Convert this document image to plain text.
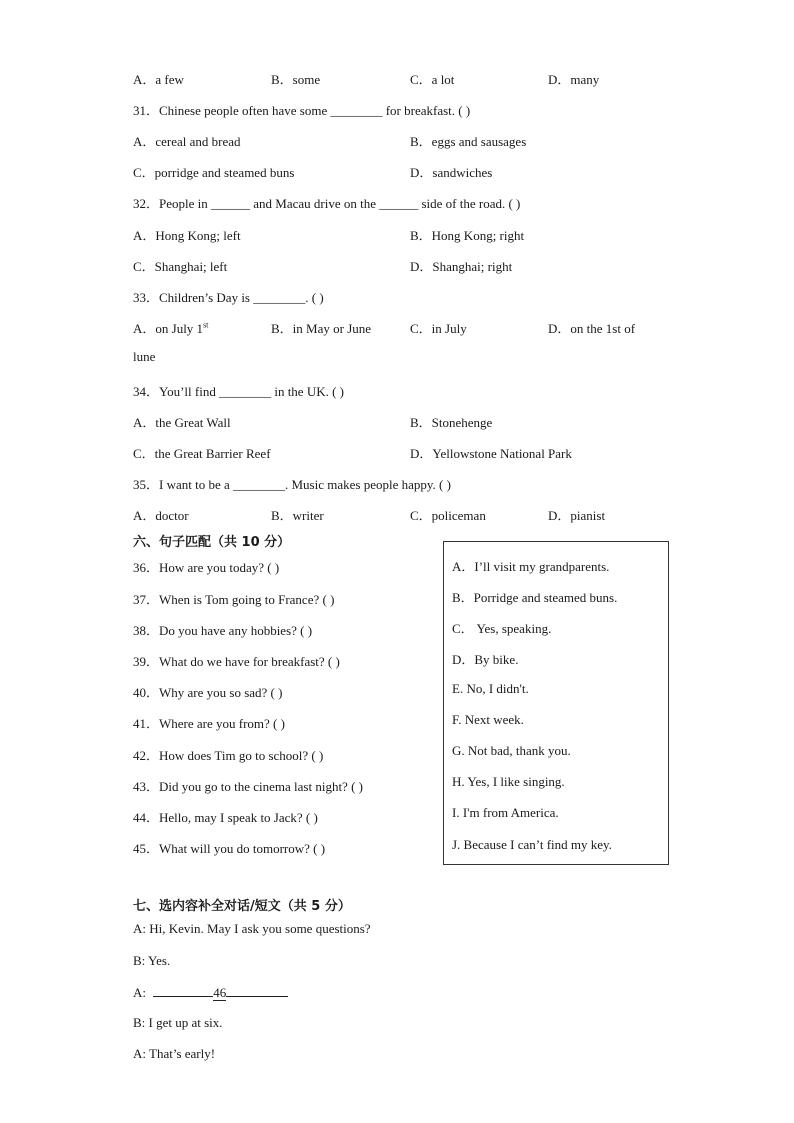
A．a few	B．some	C．a lot	D．many
31．Chinese people often have some ________ for breakfast. ( )
A．cereal and bread	B．eggs and sausages
C．porridge and steamed buns	D．sandwiches
32．People in ______ and Macau drive on the ______ side of the road. ( )
A．Hong Kong; left	B．Hong Kong; right
C．Shanghai; left	D．Shanghai; right
33．Children’s Day is ________. ( )
A．on July 1st	B．in May or June	C．in July	D．on the 1st of
lune
34．You’ll find ________ in the UK. ( )
A．the Great Wall	B．Stonehenge
C．the Great Barrier Reef	D．Yellowstone National Park
35．I want to be a ________. Music makes people happy. ( )
A．doctor	B．writer	C．policeman	D．pianist
六、句子匹配（共 10 分）
36．How are you today? ( )
37．When is Tom going to France? ( )
38．Do you have any hobbies? ( )
39．What do we have for breakfast? ( )
40．Why are you so sad? ( )
41．Where are you from? ( )
42．How does Tim go to school? ( )
43．Did you go to the cinema last night? ( )
44．Hello, may I speak to Jack? ( )
45．What will you do tomorrow? ( )
A．I’ll visit my grandparents.
B．Porridge and steamed buns.
C． Yes, speaking.
D．By bike.
E. No, I didn't.
F. Next week.
G. Not bad, thank you.
H. Yes, I like singing.
I. I'm from America.
J. Because I can’t find my key.
七、选内容补全对话/短文（共 5 分）
A: Hi, Kevin. May I ask you some questions?
B: Yes.
A:	46
B: I get up at six.
A: That’s early!
